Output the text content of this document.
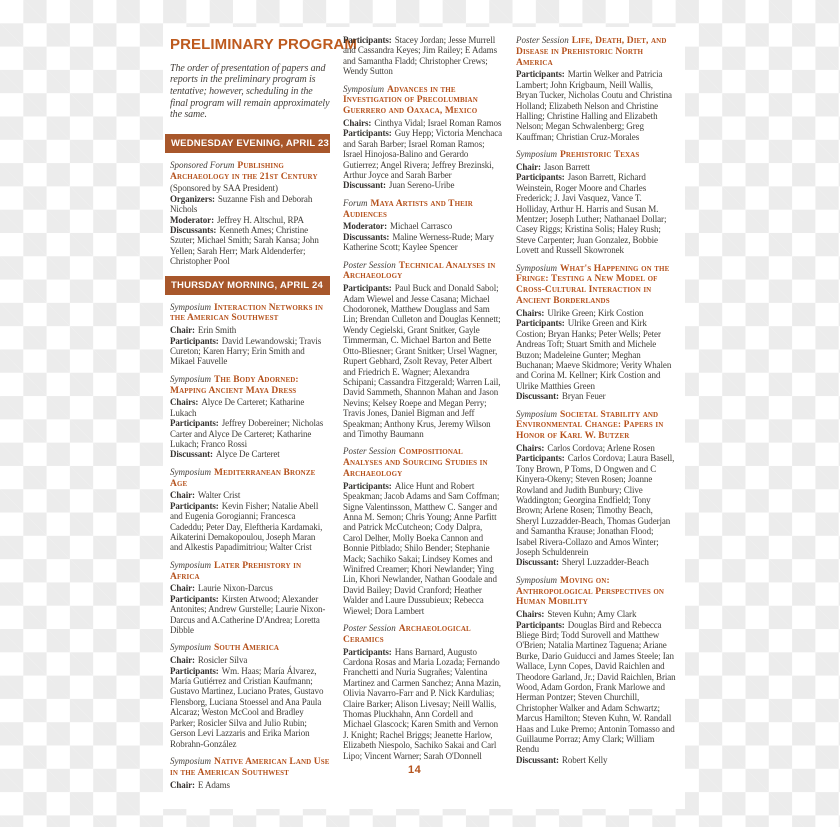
PRELIMINARY PROGRAM
The order of presentation of papers and reports in the preliminary program is tentative; however, scheduling in the final program will remain approximately the same.
WEDNESDAY EVENING, APRIL 23
Sponsored Forum Publishing Archaeology in the 21st Century
(Sponsored by SAA President)
Organizers: Suzanne Fish and Deborah Nichols
Moderator: Jeffrey H. Altschul, RPA
Discussants: Kenneth Ames; Christine Szuter; Michael Smith; Sarah Kansa; John Yellen; Sarah Herr; Mark Aldenderfer; Christopher Pool
THURSDAY MORNING, APRIL 24
Symposium Interaction Networks in the American Southwest
Chair: Erin Smith
Participants: David Lewandowski; Travis Cureton; Karen Harry; Erin Smith and Mikael Fauvelle
Symposium The Body Adorned: Mapping Ancient Maya Dress
Chairs: Alyce De Carteret; Katharine Lukach
Participants: Jeffrey Dobereiner; Nicholas Carter and Alyce De Carteret; Katharine Lukach; Franco Rossi
Discussant: Alyce De Carteret
Symposium Mediterranean Bronze Age
Chair: Walter Crist
Participants: Kevin Fisher; Natalie Abell and Eugenia Gorogianni; Francesca Cadeddu; Peter Day, Eleftheria Kardamaki, Aikaterini Demakopoulou, Joseph Maran and Alkestis Papadimitriou; Walter Crist
Symposium Later Prehistory in Africa
Chair: Laurie Nixon-Darcus
Participants: Kirsten Atwood; Alexander Antonites; Andrew Gurstelle; Laurie Nixon-Darcus and A.Catherine D'Andrea; Loretta Dibble
Symposium South America
Chair: Rosicler Silva
Participants: Wm. Haas; María Álvarez, María Gutiérrez and Cristian Kaufmann; Gustavo Martinez, Luciano Prates, Gustavo Flensborg, Luciana Stoessel and Ana Paula Alcaraz; Weston McCool and Bradley Parker; Rosicler Silva and Julio Rubin; Gerson Levi Lazzaris and Erika Marion Robrahn-González
Symposium Native American Land Use in the American Southwest
Chair: E Adams
Participants: Stacey Jordan; Jesse Murrell and Cassandra Keyes; Jim Railey; E Adams and Samantha Fladd; Christopher Crews; Wendy Sutton
Symposium Advances in the Investigation of Precolumbian Guerrero and Oaxaca, Mexico
Chairs: Cinthya Vidal; Israel Roman Ramos
Participants: Guy Hepp; Victoria Menchaca and Sarah Barber; Israel Roman Ramos; Israel Hinojosa-Balino and Gerardo Gutierrez; Angel Rivera; Jeffrey Brezinski, Arthur Joyce and Sarah Barber
Discussant: Juan Sereno-Uribe
Forum Maya Artists and Their Audiences
Moderator: Michael Carrasco
Discussants: Maline Werness-Rude; Mary Katherine Scott; Kaylee Spencer
Poster Session Technical Analyses in Archaeology
Participants: Paul Buck and Donald Sabol; Adam Wiewel and Jesse Casana; Michael Chodoronek, Matthew Douglass and Sam Lin; Brendan Culleton and Douglas Kennett; Wendy Cegielski, Grant Snitker, Gayle Timmerman, C. Michael Barton and Bette Otto-Bliesner; Grant Snitker; Ursel Wagner, Rupert Gebhard, Zsolt Revay, Peter Albert and Friedrich E. Wagner; Alexandra Schipani; Cassandra Fitzgerald; Warren Lail, David Sammeth, Shannon Mahan and Jason Nevins; Kelsey Roepe and Megan Perry; Travis Jones, Daniel Bigman and Jeff Speakman; Anthony Krus, Jeremy Wilson and Timothy Baumann
Poster Session Compositional Analyses and Sourcing Studies in Archaeology
Participants: Alice Hunt and Robert Speakman; Jacob Adams and Sam Coffman; Signe Valentinsson, Matthew C. Sanger and Anna M. Semon; Chris Young; Anne Parfitt and Patrick McCutcheon; Cody Dalpra, Carol Delher, Molly Boeka Cannon and Bonnie Pitblado; Shilo Bender; Stephanie Mack; Sachiko Sakai; Lindsey Komes and Winifred Creamer; Khori Newlander; Ying Lin, Khori Newlander, Nathan Goodale and David Bailey; David Cranford; Heather Walder and Laure Dussubieux; Rebecca Wiewel; Dora Lambert
Poster Session Archaeological Ceramics
Participants: Hans Barnard, Augusto Cardona Rosas and Maria Lozada; Fernando Franchetti and Nuria Sugrañes; Valentina Martinez and Carmen Sanchez; Anna Mazin, Olivia Navarro-Farr and P. Nick Kardulias; Claire Barker; Alison Livesay; Neill Wallis, Thomas Pluckhahn, Ann Cordell and Michael Glascock; Karen Smith and Vernon J. Knight; Rachel Briggs; Jeanette Harlow, Elizabeth Niespolo, Sachiko Sakai and Carl Lipo; Vincent Warner; Sarah O'Donnell
Poster Session Life, Death, Diet, and Disease in Prehistoric North America
Participants: Martin Welker and Patricia Lambert; John Krigbaum, Neill Wallis, Bryan Tucker, Nicholas Coutu and Christina Holland; Elizabeth Nelson and Christine Halling; Christine Halling and Elizabeth Nelson; Megan Schwalenberg; Greg Kauffman; Christian Cruz-Morales
Symposium Prehistoric Texas
Chair: Jason Barrett
Participants: Jason Barrett, Richard Weinstein, Roger Moore and Charles Frederick; J. Javi Vasquez, Vance T. Holliday, Arthur H. Harris and Susan M. Mentzer; Joseph Luther; Nathanael Dollar; Casey Riggs; Kristina Solis; Haley Rush; Steve Carpenter; Juan Gonzalez, Bobbie Lovett and Russell Skowronek
Symposium What's Happening on the Fringe: Testing a New Model of Cross-Cultural Interaction in Ancient Borderlands
Chairs: Ulrike Green; Kirk Costion
Participants: Ulrike Green and Kirk Costion; Bryan Hanks; Peter Wells; Peter Andreas Toft; Stuart Smith and Michele Buzon; Madeleine Gunter; Meghan Buchanan; Maeve Skidmore; Verity Whalen and Corina M. Kellner; Kirk Costion and Ulrike Matthies Green
Discussant: Bryan Feuer
Symposium Societal Stability and Environmental Change: Papers in Honor of Karl W. Butzer
Chairs: Carlos Cordova; Arlene Rosen
Participants: Carlos Cordova; Laura Basell, Tony Brown, P Toms, D Ongwen and C Kinyera-Okeny; Steven Rosen; Joanne Rowland and Judith Bunbury; Clive Waddington; Georgina Endfield; Tony Brown; Arlene Rosen; Timothy Beach, Sheryl Luzzadder-Beach, Thomas Guderjan and Samantha Krause; Jonathan Flood; Isabel Rivera-Collazo and Amos Winter; Joseph Schuldenrein
Discussant: Sheryl Luzzadder-Beach
Symposium Moving on: Anthropological Perspectives on Human Mobility
Chairs: Steven Kuhn; Amy Clark
Participants: Douglas Bird and Rebecca Bliege Bird; Todd Surovell and Matthew O'Brien; Natalia Martinez Taguena; Ariane Burke, Dario Guiducci and James Steele; Ian Wallace, Lynn Copes, David Raichlen and Theodore Garland, Jr.; David Raichlen, Brian Wood, Adam Gordon, Frank Marlowe and Herman Pontzer; Steven Churchill, Christopher Walker and Adam Schwartz; Marcus Hamilton; Steven Kuhn, W. Randall Haas and Luke Premo; Antonin Tomasso and Guillaume Porraz; Amy Clark; William Rendu
Discussant: Robert Kelly
14
